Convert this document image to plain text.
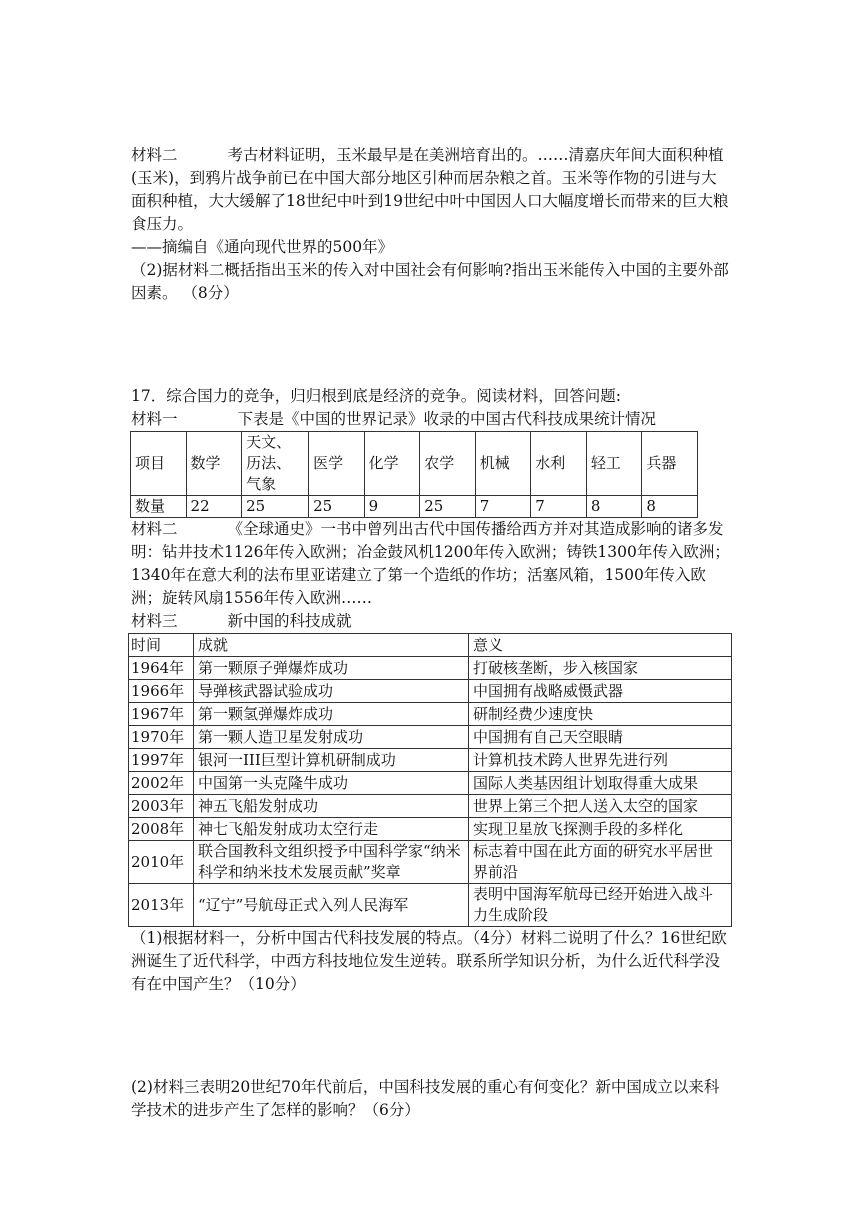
材料二	考古材料证明，玉米最早是在美洲培育出的。……清嘉庆年间大面积种植(玉米)，到鸦片战争前已在中国大部分地区引种而居杂粮之首。玉米等作物的引进与大面积种植，大大缓解了18世纪中叶到19世纪中叶中国因人口大幅度增长而带来的巨大粮食压力。

——摘编自《通向现代世界的500年》

（2)据材料二概括指出玉米的传入对中国社会有何影响?指出玉米能传入中国的主要外部因素。 （8分）

17．综合国力的竞争，归归根到底是经济的竞争。阅读材料，回答问题:

材料一	下表是《中国的世界记录》收录的中国古代科技成果统计情况

项目	数学	天文、历法、气象	医学	化学	农学	机械	水利	轻工	兵器
数量	22	25	25	9	25	7	7	8	8

材料二	《全球通史》一书中曾列出古代中国传播给西方并对其造成影响的诸多发明：钻井技术1126年传入欧洲；冶金鼓风机1200年传入欧洲；铸铁1300年传入欧洲；1340年在意大利的法布里亚诺建立了第一个造纸的作坊；活塞风箱，1500年传入欧洲；旋转风扇1556年传入欧洲……

材料三	新中国的科技成就

时间	成就	意义
1964年	第一颗原子弹爆炸成功	打破核垄断，步入核国家
1966年	导弹核武器试验成功	中国拥有战略威慑武器
1967年	第一颗氢弹爆炸成功	研制经费少速度快
1970年	第一颗人造卫星发射成功	中国拥有自己天空眼睛
1997年	银河一III巨型计算机研制成功	计算机技术跨人世界先进行列
2002年	中国第一头克隆牛成功	国际人类基因组计划取得重大成果
2003年	神五飞船发射成功	世界上第三个把人送入太空的国家
2008年	神七飞船发射成功太空行走	实现卫星放飞探测手段的多样化
2010年	联合国教科文组织授予中国科学家“纳米科学和纳米技术发展贡献”奖章	标志着中国在此方面的研究水平居世界前沿
2013年	“辽宁”号航母正式入列人民海军	表明中国海军航母已经开始进入战斗力生成阶段

（1)根据材料一，分析中国古代科技发展的特点。（4分）材料二说明了什么？16世纪欧洲诞生了近代科学，中西方科技地位发生逆转。联系所学知识分析，为什么近代科学没有在中国产生？（10分）

(2)材料三表明20世纪70年代前后，中国科技发展的重心有何变化？新中国成立以来科学技术的进步产生了怎样的影响？（6分）
